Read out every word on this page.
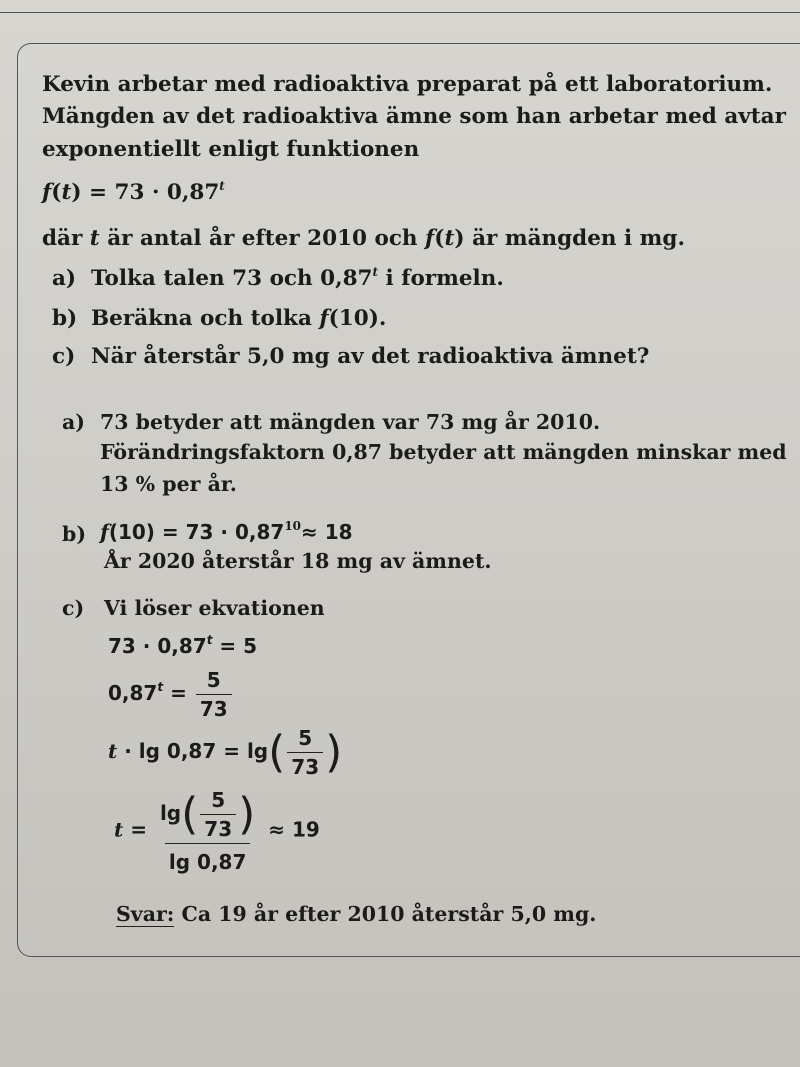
Kevin arbetar med radioaktiva preparat på ett laboratorium.
Mängden av det radioaktiva ämne som han arbetar med avtar
exponentiellt enligt funktionen
$f(t) = 73 \cdot 0,87^t$
där t är antal år efter 2010 och f(t) är mängden i mg.
a) Tolka talen 73 och 0,87$^t$ i formeln.
b) Beräkna och tolka f(10).
c) När återstår 5,0 mg av det radioaktiva ämnet?
a) 73 betyder att mängden var 73 mg år 2010.
Förändringsfaktorn 0,87 betyder att mängden minskar med
13 % per år.
b) $f(10) = 73 \cdot 0,87^{10}\approx 18$
År 2020 återstår 18 mg av ämnet.
c) Vi löser ekvationen
$73 \cdot 0,87^t = 5$
$0,87^t = \frac{5}{73}$
$t \cdot \lg 0,87 = \lg( \frac{5}{73}$ )
$t = \frac{\lg( \frac{5}{73} )}{\lg 0,87} \approx 19$
Svar: Ca 19 år efter 2010 återstår 5,0 mg.
